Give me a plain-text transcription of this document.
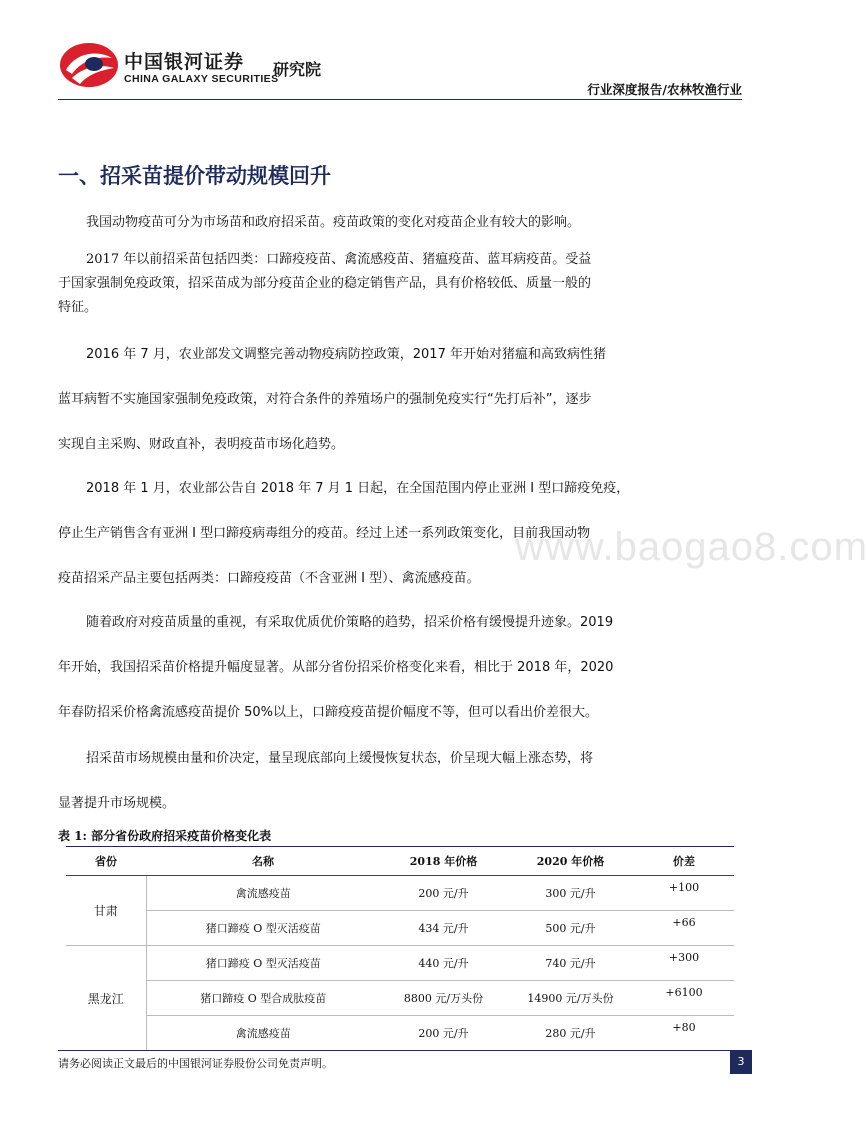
中国银河证券
CHINA GALAXY SECURITIES
研究院
行业深度报告/农林牧渔行业
一、招采苗提价带动规模回升
我国动物疫苗可分为市场苗和政府招采苗。疫苗政策的变化对疫苗企业有较大的影响。
2017 年以前招采苗包括四类：口蹄疫疫苗、禽流感疫苗、猪瘟疫苗、蓝耳病疫苗。受益
于国家强制免疫政策，招采苗成为部分疫苗企业的稳定销售产品，具有价格较低、质量一般的
特征。
2016 年 7 月，农业部发文调整完善动物疫病防控政策，2017 年开始对猪瘟和高致病性猪
蓝耳病暂不实施国家强制免疫政策，对符合条件的养殖场户的强制免疫实行“先打后补”，逐步
实现自主采购、财政直补，表明疫苗市场化趋势。
2018 年 1 月，农业部公告自 2018 年 7 月 1 日起，在全国范围内停止亚洲 I 型口蹄疫免疫，
停止生产销售含有亚洲 I 型口蹄疫病毒组分的疫苗。经过上述一系列政策变化，目前我国动物
疫苗招采产品主要包括两类：口蹄疫疫苗（不含亚洲 I 型）、禽流感疫苗。
www.baogao8.com
随着政府对疫苗质量的重视，有采取优质优价策略的趋势，招采价格有缓慢提升迹象。2019
年开始，我国招采苗价格提升幅度显著。从部分省份招采价格变化来看，相比于 2018 年，2020
年春防招采价格禽流感疫苗提价 50%以上，口蹄疫疫苗提价幅度不等，但可以看出价差很大。
招采苗市场规模由量和价决定，量呈现底部向上缓慢恢复状态，价呈现大幅上涨态势，将
显著提升市场规模。
表 1: 部分省份政府招采疫苗价格变化表
省份	名称	2018 年价格	2020 年价格	价差
甘肃	禽流感疫苗	200 元/升	300 元/升	+100
	猪口蹄疫 O 型灭活疫苗	434 元/升	500 元/升	+66
黑龙江	猪口蹄疫 O 型灭活疫苗	440 元/升	740 元/升	+300
	猪口蹄疫 O 型合成肽疫苗	8800 元/万头份	14900 元/万头份	+6100
	禽流感疫苗	200 元/升	280 元/升	+80
请务必阅读正文最后的中国银河证券股份公司免责声明。	3
